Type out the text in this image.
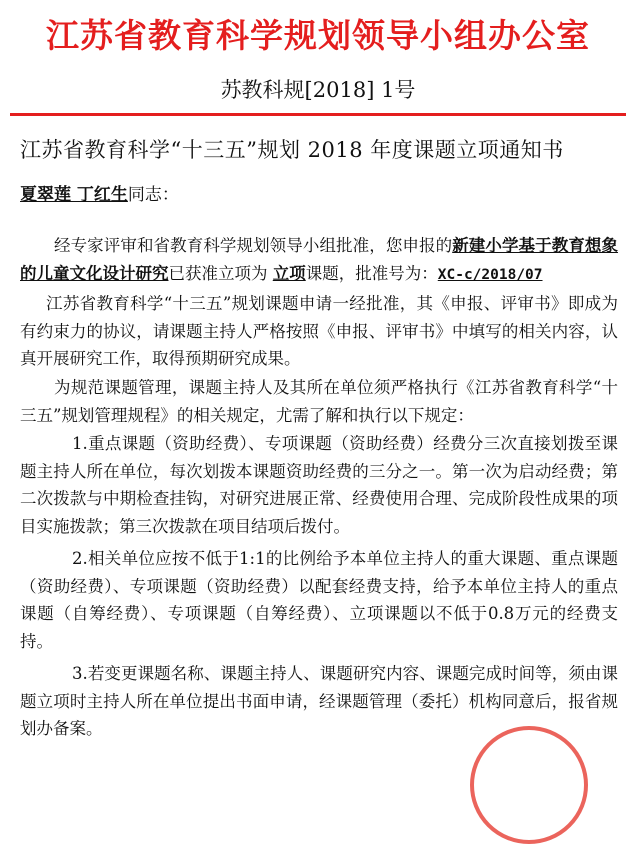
江苏省教育科学规划领导小组办公室
苏教科规[2018] 1号
江苏省教育科学“十三五”规划 2018 年度课题立项通知书
夏翠莲 丁红生同志：
经专家评审和省教育科学规划领导小组批准，您申报的新建小学基于教育想象的儿童文化设计研究已获准立项为 立项课题，批准号为：XC-c/2018/07
江苏省教育科学“十三五”规划课题申请一经批准，其《申报、评审书》即成为有约束力的协议，请课题主持人严格按照《申报、评审书》中填写的相关内容，认真开展研究工作，取得预期研究成果。
为规范课题管理，课题主持人及其所在单位须严格执行《江苏省教育科学“十三五”规划管理规程》的相关规定，尤需了解和执行以下规定：
1.重点课题（资助经费）、专项课题（资助经费）经费分三次直接划拨至课题主持人所在单位，每次划拨本课题资助经费的三分之一。第一次为启动经费；第二次拨款与中期检查挂钩，对研究进展正常、经费使用合理、完成阶段性成果的项目实施拨款；第三次拨款在项目结项后拨付。
2.相关单位应按不低于1:1的比例给予本单位主持人的重大课题、重点课题（资助经费）、专项课题（资助经费）以配套经费支持，给予本单位主持人的重点课题（自筹经费）、专项课题（自筹经费）、立项课题以不低于0.8万元的经费支持。
3.若变更课题名称、课题主持人、课题研究内容、课题完成时间等，须由课题立项时主持人所在单位提出书面申请，经课题管理（委托）机构同意后，报省规划办备案。
